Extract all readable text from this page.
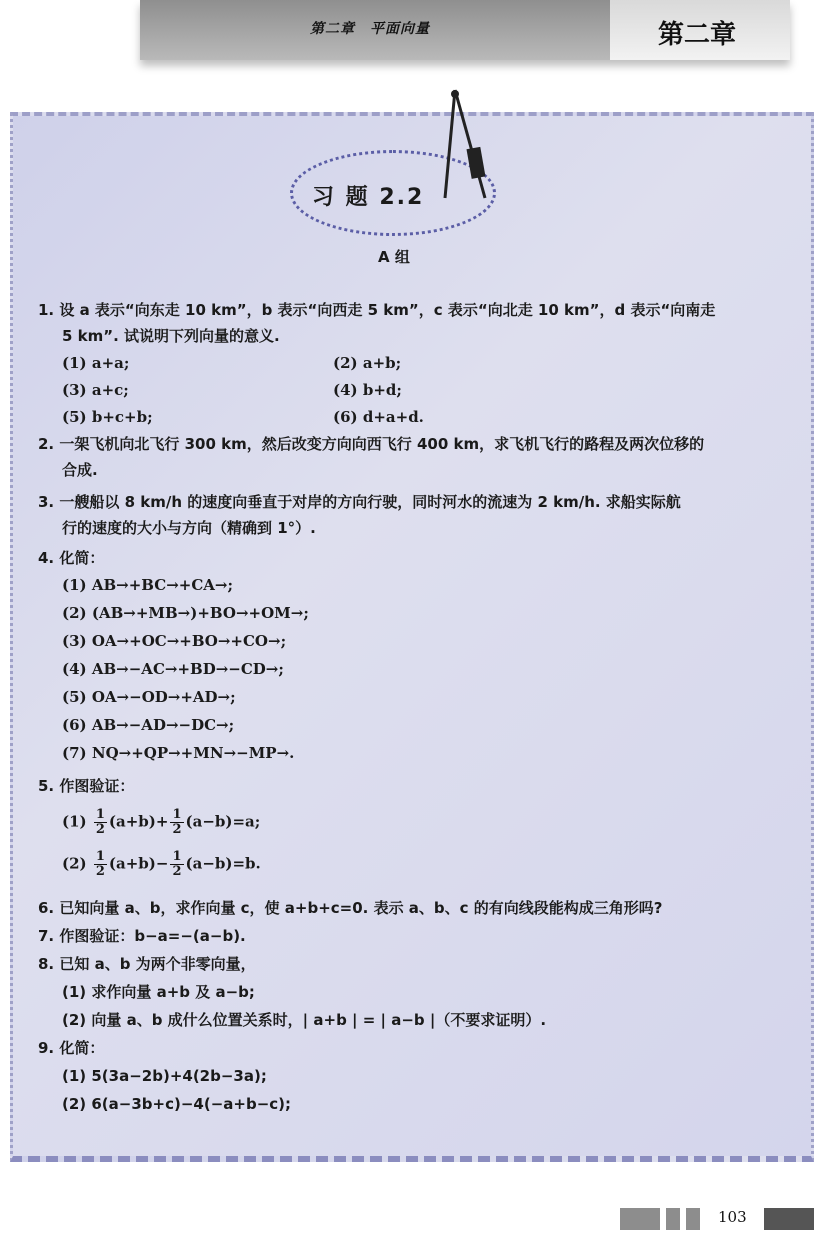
第二章　平面向量	第二章
习 题 2.2
A 组
1. 设 a 表示“向东走 10 km”，b 表示“向西走 5 km”，c 表示“向北走 10 km”，d 表示“向南走
5 km”. 试说明下列向量的意义.
(1) a+a;	(2) a+b;
(3) a+c;	(4) b+d;
(5) b+c+b;	(6) d+a+d.
2. 一架飞机向北飞行 300 km，然后改变方向向西飞行 400 km，求飞机飞行的路程及两次位移的
合成.
3. 一艘船以 8 km/h 的速度向垂直于对岸的方向行驶，同时河水的流速为 2 km/h. 求船实际航
行的速度的大小与方向（精确到 1°）.
4. 化简：
(1) AB→+BC→+CA→;
(2) (AB→+MB→)+BO→+OM→;
(3) OA→+OC→+BO→+CO→;
(4) AB→−AC→+BD→−CD→;
(5) OA→−OD→+AD→;
(6) AB→−AD→−DC→;
(7) NQ→+QP→+MN→−MP→.
5. 作图验证：
$(1) \frac{1}{2} (a+b)+ \frac{1}{2} (a-b)=a$;
$(2) \frac{1}{2} (a+b)- \frac{1}{2} (a-b)=b$.
6. 已知向量 a、b，求作向量 c，使 a+b+c=0. 表示 a、b、c 的有向线段能构成三角形吗?
7. 作图验证：b−a=−(a−b).
8. 已知 a、b 为两个非零向量，
(1) 求作向量 a+b 及 a−b;
(2) 向量 a、b 成什么位置关系时，| a+b | = | a−b |（不要求证明）.
9. 化简：
(1) 5(3a−2b)+4(2b−3a);
(2) 6(a−3b+c)−4(−a+b−c);
103
